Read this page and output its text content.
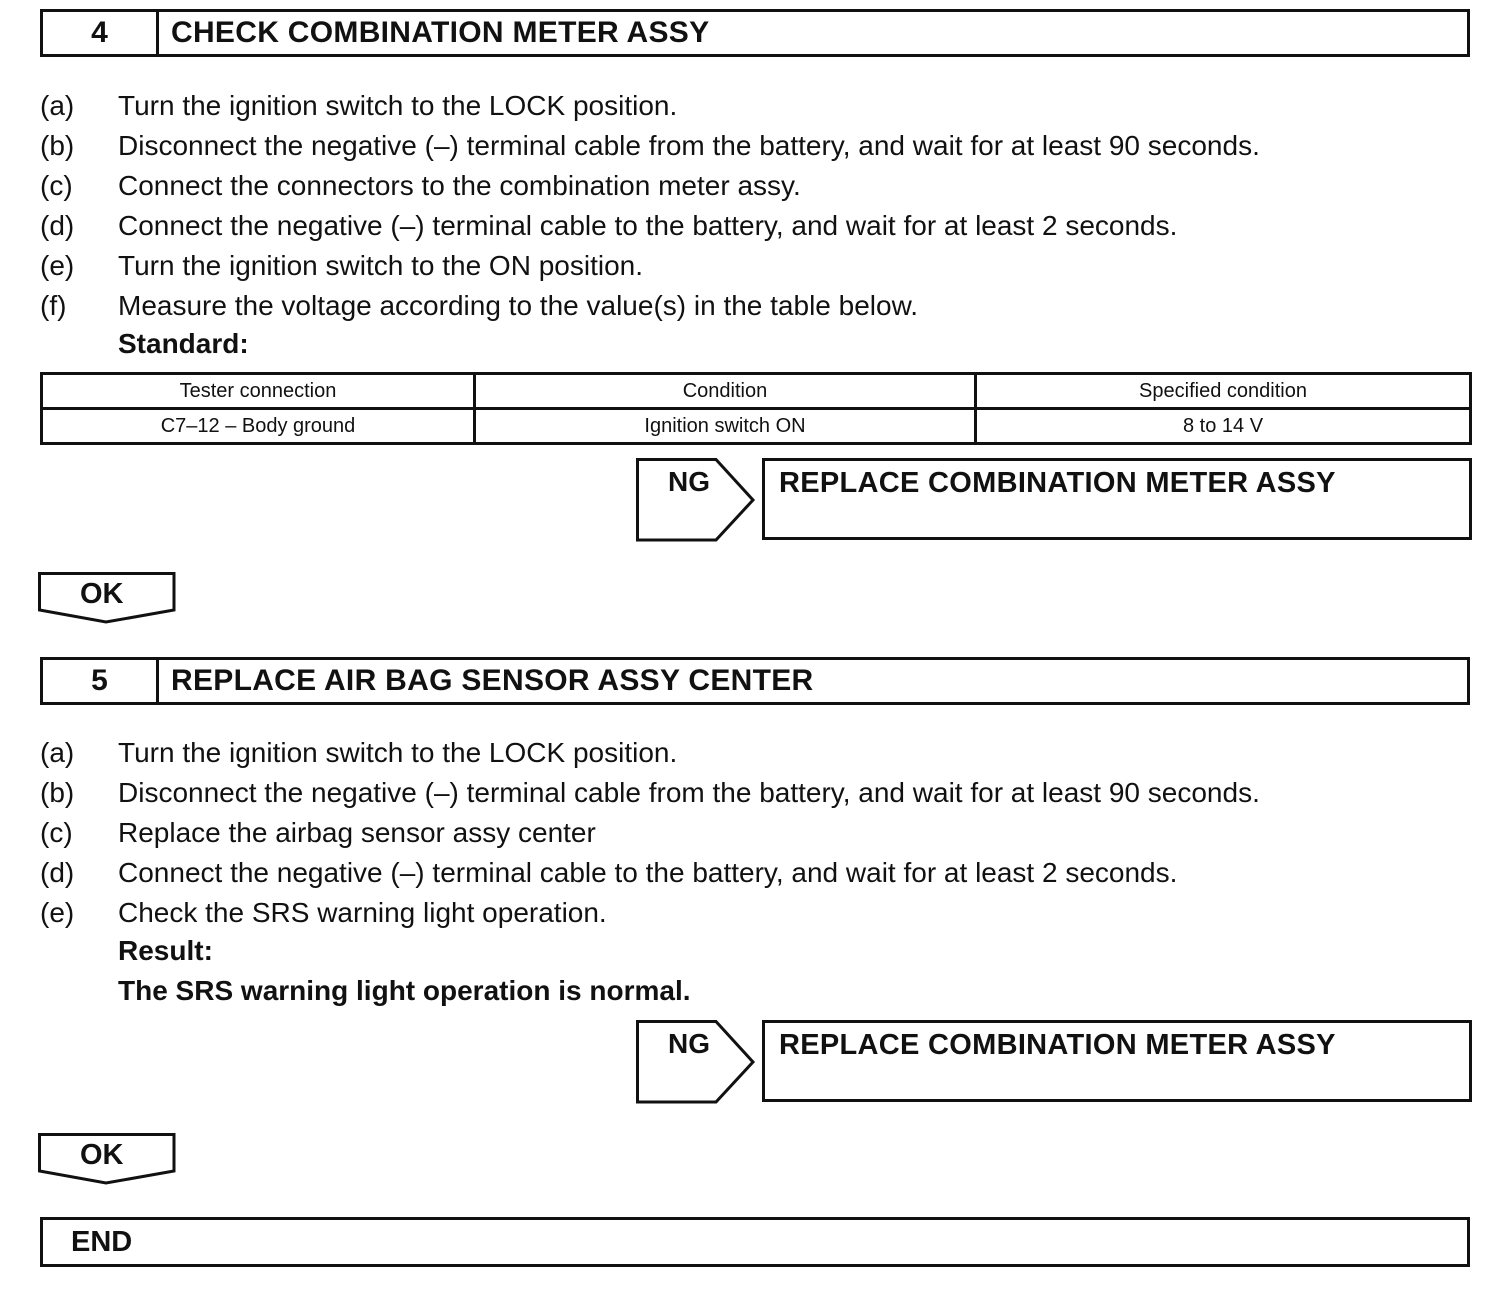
4	CHECK COMBINATION METER ASSY
(a) Turn the ignition switch to the LOCK position.
(b) Disconnect the negative (–) terminal cable from the battery, and wait for at least 90 seconds.
(c) Connect the connectors to the combination meter assy.
(d) Connect the negative (–) terminal cable to the battery, and wait for at least 2 seconds.
(e) Turn the ignition switch to the ON position.
(f) Measure the voltage according to the value(s) in the table below.
Standard:
Tester connection	Condition	Specified condition
C7–12 – Body ground	Ignition switch ON	8 to 14 V
NG REPLACE COMBINATION METER ASSY
OK
5	REPLACE AIR BAG SENSOR ASSY CENTER
(a) Turn the ignition switch to the LOCK position.
(b) Disconnect the negative (–) terminal cable from the battery, and wait for at least 90 seconds.
(c) Replace the airbag sensor assy center
(d) Connect the negative (–) terminal cable to the battery, and wait for at least 2 seconds.
(e) Check the SRS warning light operation.
Result:
The SRS warning light operation is normal.
NG REPLACE COMBINATION METER ASSY
OK
END
